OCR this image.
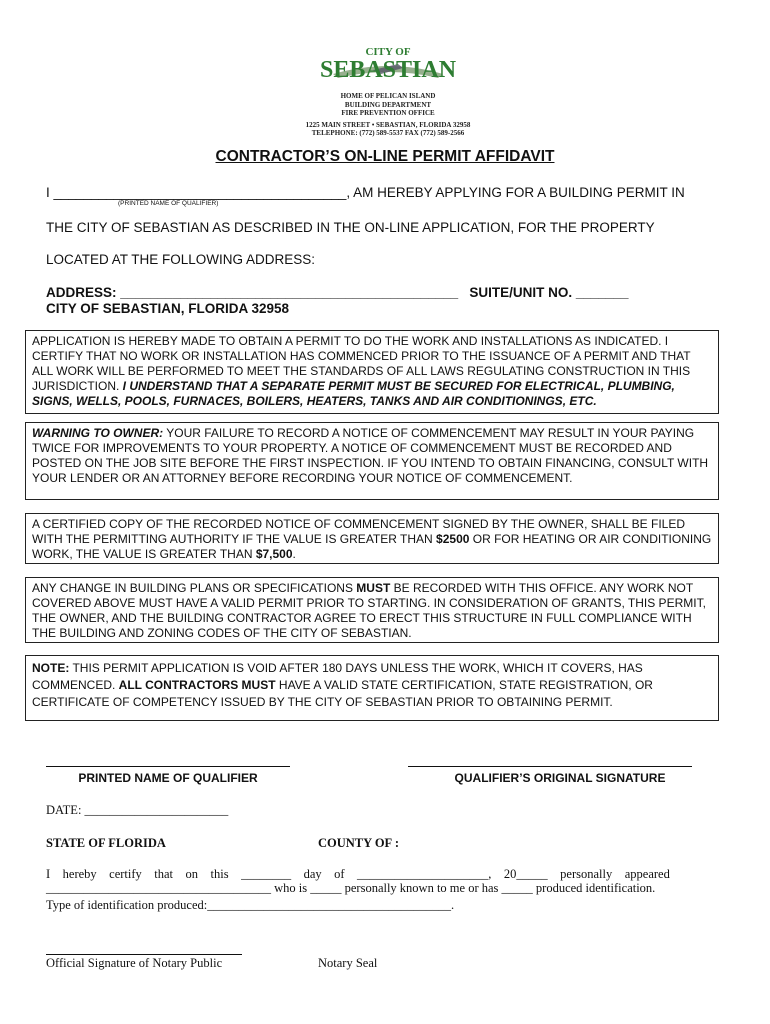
CITY OF
SEBASTIAN
HOME OF PELICAN ISLAND
BUILDING DEPARTMENT
FIRE PREVENTION OFFICE
1225 MAIN STREET • SEBASTIAN, FLORIDA 32958
TELEPHONE: (772) 589-5537 FAX (772) 589-2566
CONTRACTOR’S ON-LINE PERMIT AFFIDAVIT
I _______________________________________, AM HEREBY APPLYING FOR A BUILDING PERMIT IN
(PRINTED NAME OF QUALIFIER)
THE CITY OF SEBASTIAN AS DESCRIBED IN THE ON-LINE APPLICATION, FOR THE PROPERTY
LOCATED AT THE FOLLOWING ADDRESS:
ADDRESS: _____________________________________________ SUITE/UNIT NO. _______
CITY OF SEBASTIAN, FLORIDA 32958
APPLICATION IS HEREBY MADE TO OBTAIN A PERMIT TO DO THE WORK AND INSTALLATIONS AS INDICATED. I CERTIFY THAT NO WORK OR INSTALLATION HAS COMMENCED PRIOR TO THE ISSUANCE OF A PERMIT AND THAT ALL WORK WILL BE PERFORMED TO MEET THE STANDARDS OF ALL LAWS REGULATING CONSTRUCTION IN THIS JURISDICTION. I UNDERSTAND THAT A SEPARATE PERMIT MUST BE SECURED FOR ELECTRICAL, PLUMBING, SIGNS, WELLS, POOLS, FURNACES, BOILERS, HEATERS, TANKS AND AIR CONDITIONINGS, ETC.
WARNING TO OWNER: YOUR FAILURE TO RECORD A NOTICE OF COMMENCEMENT MAY RESULT IN YOUR PAYING TWICE FOR IMPROVEMENTS TO YOUR PROPERTY. A NOTICE OF COMMENCEMENT MUST BE RECORDED AND POSTED ON THE JOB SITE BEFORE THE FIRST INSPECTION. IF YOU INTEND TO OBTAIN FINANCING, CONSULT WITH YOUR LENDER OR AN ATTORNEY BEFORE RECORDING YOUR NOTICE OF COMMENCEMENT.
A CERTIFIED COPY OF THE RECORDED NOTICE OF COMMENCEMENT SIGNED BY THE OWNER, SHALL BE FILED WITH THE PERMITTING AUTHORITY IF THE VALUE IS GREATER THAN $2500 OR FOR HEATING OR AIR CONDITIONING WORK, THE VALUE IS GREATER THAN $7,500.
ANY CHANGE IN BUILDING PLANS OR SPECIFICATIONS MUST BE RECORDED WITH THIS OFFICE. ANY WORK NOT COVERED ABOVE MUST HAVE A VALID PERMIT PRIOR TO STARTING. IN CONSIDERATION OF GRANTS, THIS PERMIT, THE OWNER, AND THE BUILDING CONTRACTOR AGREE TO ERECT THIS STRUCTURE IN FULL COMPLIANCE WITH THE BUILDING AND ZONING CODES OF THE CITY OF SEBASTIAN.
NOTE: THIS PERMIT APPLICATION IS VOID AFTER 180 DAYS UNLESS THE WORK, WHICH IT COVERS, HAS COMMENCED. ALL CONTRACTORS MUST HAVE A VALID STATE CERTIFICATION, STATE REGISTRATION, OR CERTIFICATE OF COMPETENCY ISSUED BY THE CITY OF SEBASTIAN PRIOR TO OBTAINING PERMIT.
PRINTED NAME OF QUALIFIER	QUALIFIER’S ORIGINAL SIGNATURE
DATE: _______________________
STATE OF FLORIDA	COUNTY OF :
I    hereby    certify    that    on    this    ________    day    of    _____________________,    20_____    personally    appeared
____________________________________ who is _____ personally known to me or has _____ produced identification.
Type of identification produced:_______________________________________.
Official Signature of Notary Public	Notary Seal
